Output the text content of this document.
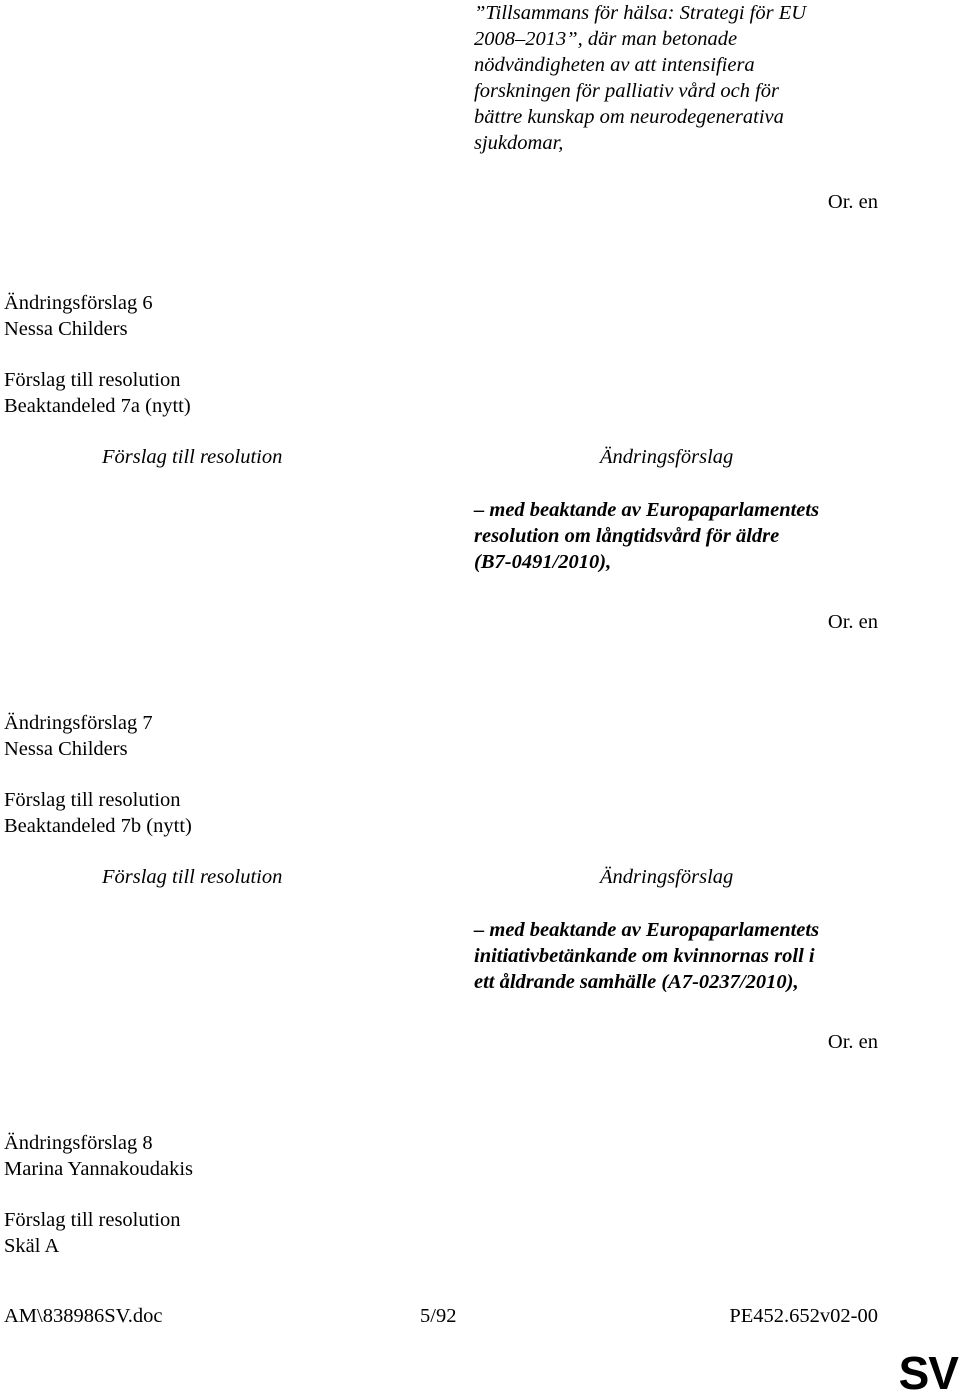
”Tillsammans för hälsa: Strategi för EU
2008–2013”, där man betonade
nödvändigheten av att intensifiera
forskningen för palliativ vård och för
bättre kunskap om neurodegenerativa
sjukdomar,
Or. en
Ändringsförslag 6
Nessa Childers
Förslag till resolution
Beaktandeled 7a (nytt)
Förslag till resolution	Ändringsförslag
– med beaktande av Europaparlamentets
resolution om långtidsvård för äldre
(B7-0491/2010),
Or. en
Ändringsförslag 7
Nessa Childers
Förslag till resolution
Beaktandeled 7b (nytt)
Förslag till resolution	Ändringsförslag
– med beaktande av Europaparlamentets
initiativbetänkande om kvinnornas roll i
ett åldrande samhälle (A7-0237/2010),
Or. en
Ändringsförslag 8
Marina Yannakoudakis
Förslag till resolution
Skäl A
AM\838986SV.doc	5/92	PE452.652v02-00
SV
